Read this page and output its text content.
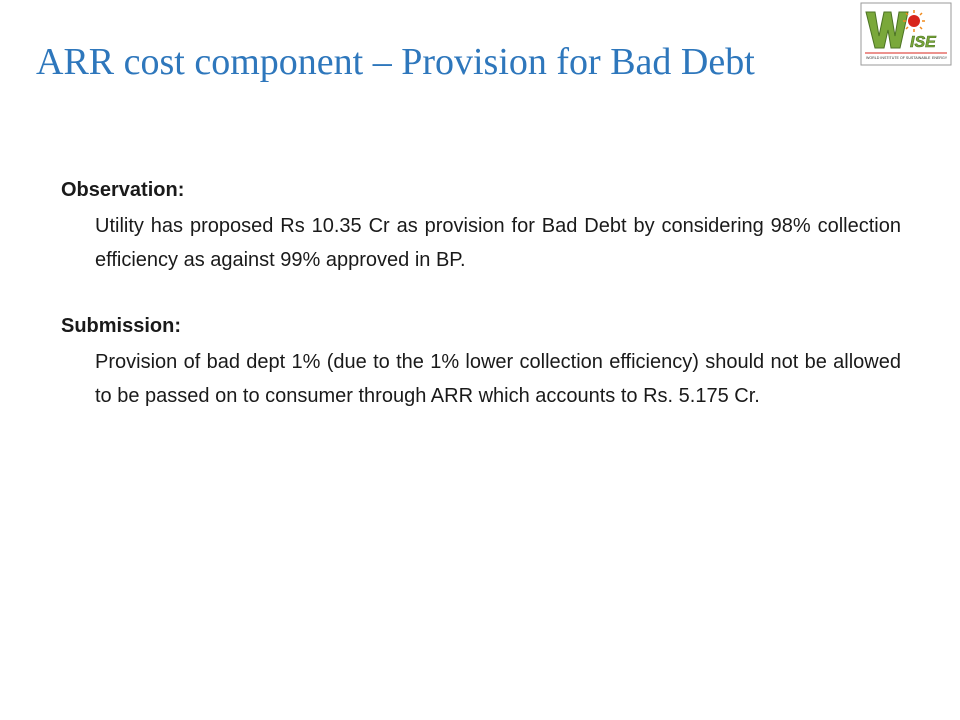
ARR cost component – Provision for Bad Debt	ISE
WORLD INSTITUTE OF SUSTAINABLE ENERGY

Observation:

Utility has proposed Rs 10.35 Cr as provision for Bad Debt by considering 98% collection efficiency as against 99% approved in BP.

Submission:

Provision of bad dept 1% (due to the 1% lower collection efficiency) should not be allowed to be passed on to consumer through ARR which accounts to Rs. 5.175 Cr.
